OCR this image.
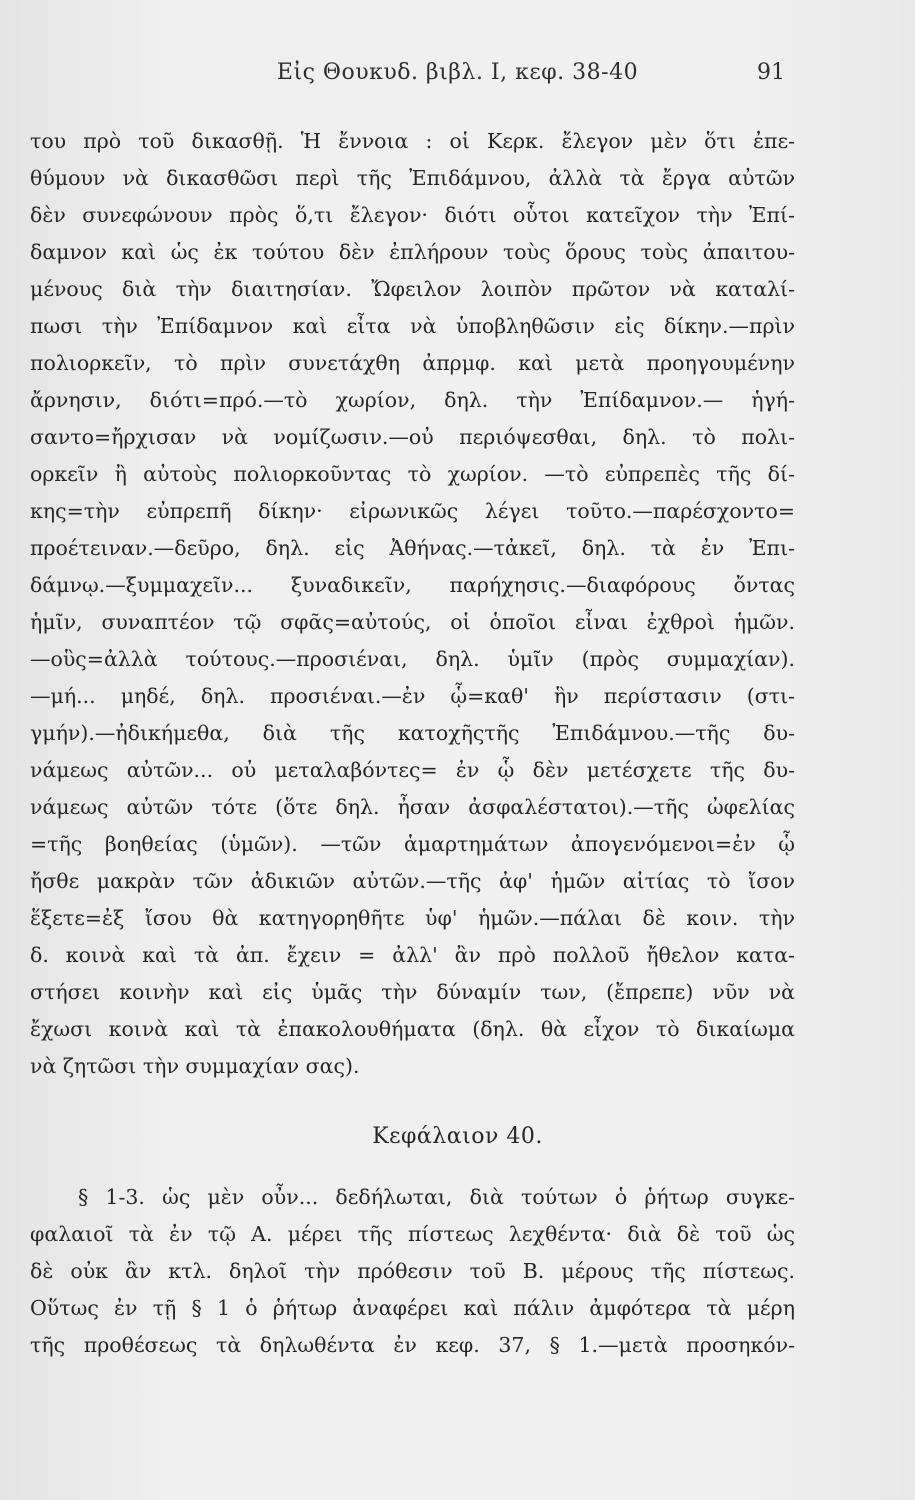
Εἰς Θουκυδ. βιβλ. Ι, κεφ. 38-40	91
του πρὸ τοῦ δικασθῇ. Ἡ ἔννοια : οἱ Κερκ. ἔλεγον μὲν ὅτι ἐπε-
θύμουν νὰ δικασθῶσι περὶ τῆς Ἐπιδάμνου, ἀλλὰ τὰ ἔργα αὐτῶν
δὲν συνεφώνουν πρὸς ὅ,τι ἔλεγον· διότι οὗτοι κατεῖχον τὴν Ἐπί-
δαμνον καὶ ὡς ἐκ τούτου δὲν ἐπλήρουν τοὺς ὅρους τοὺς ἀπαιτου-
μένους διὰ τὴν διαιτησίαν. Ὤφειλον λοιπὸν πρῶτον νὰ καταλί-
πωσι τὴν Ἐπίδαμνον καὶ εἶτα νὰ ὑποβληθῶσιν εἰς δίκην.—πρὶν
πολιορκεῖν, τὸ πρὶν συνετάχθη ἀπρμφ. καὶ μετὰ προηγουμένην
ἄρνησιν, διότι=πρό.—τὸ χωρίον, δηλ. τὴν Ἐπίδαμνον.— ἡγή-
σαντο=ἤρχισαν νὰ νομίζωσιν.—οὐ περιόψεσθαι, δηλ. τὸ πολι-
ορκεῖν ἢ αὐτοὺς πολιορκοῦντας τὸ χωρίον. —τὸ εὐπρεπὲς τῆς δί-
κης=τὴν εὐπρεπῆ δίκην· εἰρωνικῶς λέγει τοῦτο.—παρέσχοντο=
προέτειναν.—δεῦρο, δηλ. εἰς Ἀθήνας.—τἀκεῖ, δηλ. τὰ ἐν Ἐπι-
δάμνῳ.—ξυμμαχεῖν... ξυναδικεῖν, παρήχησις.—διαφόρους ὄντας
ἡμῖν, συναπτέον τῷ σφᾶς=αὐτούς, οἱ ὁποῖοι εἶναι ἐχθροὶ ἡμῶν.
—οὓς=ἀλλὰ τούτους.—προσιέναι, δηλ. ὑμῖν (πρὸς συμμαχίαν).
—μή... μηδέ, δηλ. προσιέναι.—ἐν ᾧ=καθ' ἣν περίστασιν (στι-
γμήν).—ἠδικήμεθα, διὰ τῆς κατοχῆςτῆς Ἐπιδάμνου.—τῆς δυ-
νάμεως αὐτῶν... οὐ μεταλαβόντες= ἐν ᾧ δὲν μετέσχετε τῆς δυ-
νάμεως αὐτῶν τότε (ὅτε δηλ. ἦσαν ἀσφαλέστατοι).—τῆς ὠφελίας
=τῆς βοηθείας (ὑμῶν). —τῶν ἁμαρτημάτων ἀπογενόμενοι=ἐν ᾧ
ἤσθε μακρὰν τῶν ἀδικιῶν αὐτῶν.—τῆς ἀφ' ἡμῶν αἰτίας τὸ ἴσον
ἕξετε=ἐξ ἴσου θὰ κατηγορηθῆτε ὑφ' ἡμῶν.—πάλαι δὲ κοιν. τὴν
δ. κοινὰ καὶ τὰ ἀπ. ἔχειν = ἀλλ' ἂν πρὸ πολλοῦ ἤθελον κατα-
στήσει κοινὴν καὶ εἰς ὑμᾶς τὴν δύναμίν των, (ἔπρεπε) νῦν νὰ
ἔχωσι κοινὰ καὶ τὰ ἐπακολουθήματα (δηλ. θὰ εἶχον τὸ δικαίωμα
νὰ ζητῶσι τὴν συμμαχίαν σας).
Κεφάλαιον 40.
§ 1-3. ὡς μὲν οὖν... δεδήλωται, διὰ τούτων ὁ ῥήτωρ συγκε-
φαλαιοῖ τὰ ἐν τῷ Α. μέρει τῆς πίστεως λεχθέντα· διὰ δὲ τοῦ ὡς
δὲ οὐκ ἂν κτλ. δηλοῖ τὴν πρόθεσιν τοῦ Β. μέρους τῆς πίστεως.
Οὕτως ἐν τῇ § 1 ὁ ῥήτωρ ἀναφέρει καὶ πάλιν ἀμφότερα τὰ μέρη
τῆς προθέσεως τὰ δηλωθέντα ἐν κεφ. 37, § 1.—μετὰ προσηκόν-
